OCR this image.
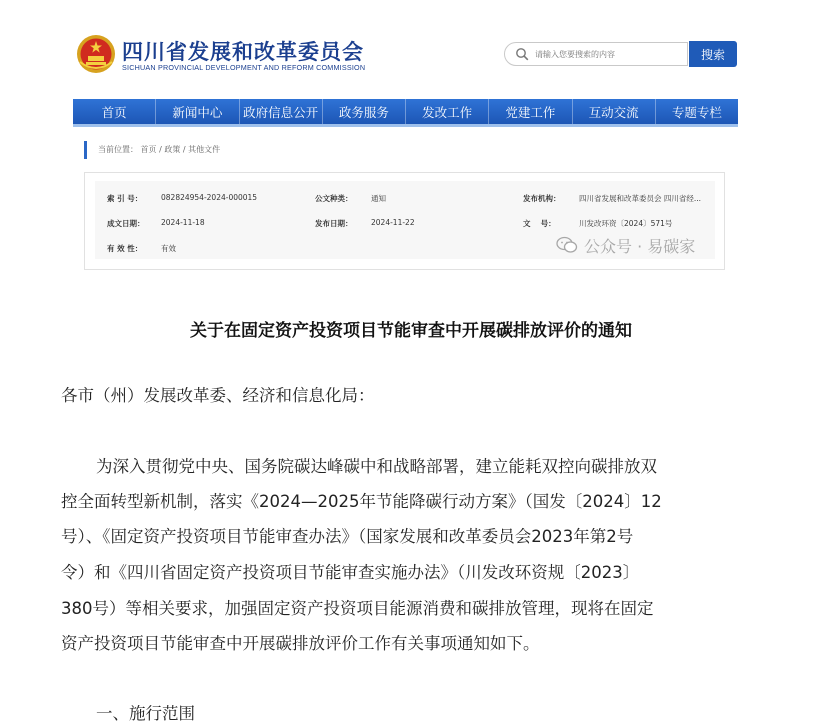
四川省发展和改革委员会
SICHUAN PROVINCIAL DEVELOPMENT AND REFORM COMMISSION
请输入您要搜索的内容
搜索
首页	新闻中心	政府信息公开	政务服务	发改工作	党建工作	互动交流	专题专栏
当前位置： 首页 / 政策 / 其他文件
索 引 号：	082824954-2024-000015	公文种类： 通知	发布机构： 四川省发展和改革委员会 四川省经...
成文日期： 2024-11-18	发布日期： 2024-11-22	文　 号：	川发改环资〔2024〕571号
有 效 性：	有效	公众号 · 易碳家
关于在固定资产投资项目节能审查中开展碳排放评价的通知
各市（州）发展改革委、经济和信息化局：
为深入贯彻党中央、国务院碳达峰碳中和战略部署，建立能耗双控向碳排放双
控全面转型新机制，落实《2024—2025年节能降碳行动方案》（国发〔2024〕12
号）、《固定资产投资项目节能审查办法》（国家发展和改革委员会2023年第2号
令）和《四川省固定资产投资项目节能审查实施办法》（川发改环资规〔2023〕
380号）等相关要求，加强固定资产投资项目能源消费和碳排放管理，现将在固定
资产投资项目节能审查中开展碳排放评价工作有关事项通知如下。
一、施行范围
